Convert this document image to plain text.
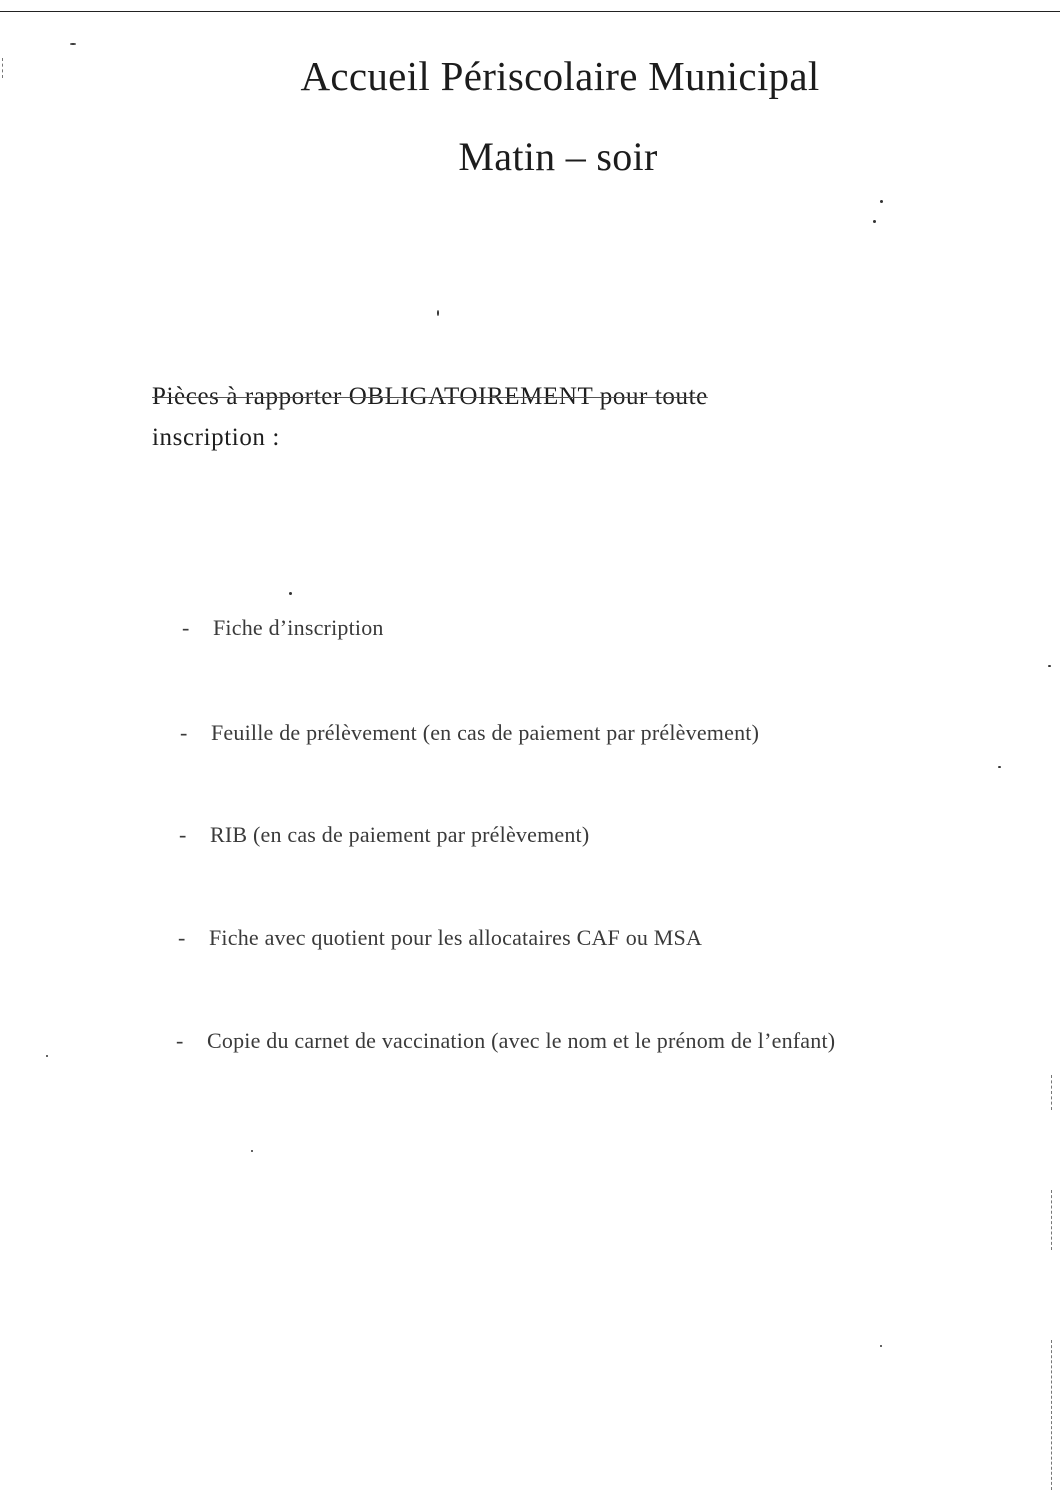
Accueil Périscolaire Municipal
Matin – soir
Pièces à rapporter OBLIGATOIREMENT pour toute
inscription :
- Fiche d’inscription
- Feuille de prélèvement (en cas de paiement par prélèvement)
- RIB (en cas de paiement par prélèvement)
- Fiche avec quotient pour les allocataires CAF ou MSA
- Copie du carnet de vaccination (avec le nom et le prénom de l’enfant)
